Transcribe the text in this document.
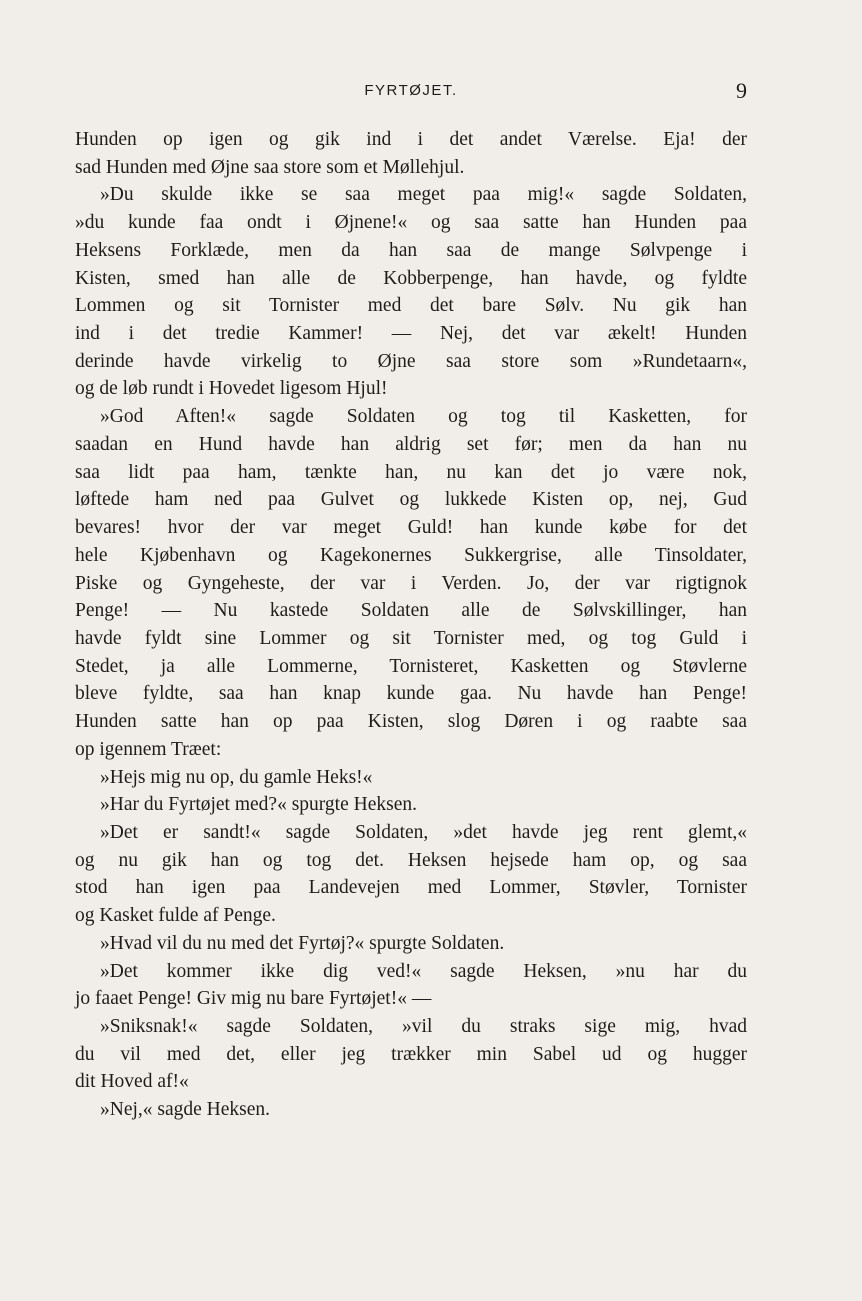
FYRTØJET.	9
Hunden op igen og gik ind i det andet Værelse. Eja! der
sad Hunden med Øjne saa store som et Møllehjul.
»Du skulde ikke se saa meget paa mig!« sagde Soldaten,
»du kunde faa ondt i Øjnene!« og saa satte han Hunden paa
Heksens Forklæde, men da han saa de mange Sølvpenge i
Kisten, smed han alle de Kobberpenge, han havde, og fyldte
Lommen og sit Tornister med det bare Sølv. Nu gik han
ind i det tredie Kammer! — Nej, det var ækelt! Hunden
derinde havde virkelig to Øjne saa store som »Rundetaarn«,
og de løb rundt i Hovedet ligesom Hjul!
»God Aften!« sagde Soldaten og tog til Kasketten, for
saadan en Hund havde han aldrig set før; men da han nu
saa lidt paa ham, tænkte han, nu kan det jo være nok,
løftede ham ned paa Gulvet og lukkede Kisten op, nej, Gud
bevares! hvor der var meget Guld! han kunde købe for det
hele Kjøbenhavn og Kagekonernes Sukkergrise, alle Tinsoldater,
Piske og Gyngeheste, der var i Verden. Jo, der var rigtignok
Penge! — Nu kastede Soldaten alle de Sølvskillinger, han
havde fyldt sine Lommer og sit Tornister med, og tog Guld i
Stedet, ja alle Lommerne, Tornisteret, Kasketten og Støvlerne
bleve fyldte, saa han knap kunde gaa. Nu havde han Penge!
Hunden satte han op paa Kisten, slog Døren i og raabte saa
op igennem Træet:
»Hejs mig nu op, du gamle Heks!«
»Har du Fyrtøjet med?« spurgte Heksen.
»Det er sandt!« sagde Soldaten, »det havde jeg rent glemt,«
og nu gik han og tog det. Heksen hejsede ham op, og saa
stod han igen paa Landevejen med Lommer, Støvler, Tornister
og Kasket fulde af Penge.
»Hvad vil du nu med det Fyrtøj?« spurgte Soldaten.
»Det kommer ikke dig ved!« sagde Heksen, »nu har du
jo faaet Penge! Giv mig nu bare Fyrtøjet!« —
»Sniksnak!« sagde Soldaten, »vil du straks sige mig, hvad
du vil med det, eller jeg trækker min Sabel ud og hugger
dit Hoved af!«
»Nej,« sagde Heksen.
